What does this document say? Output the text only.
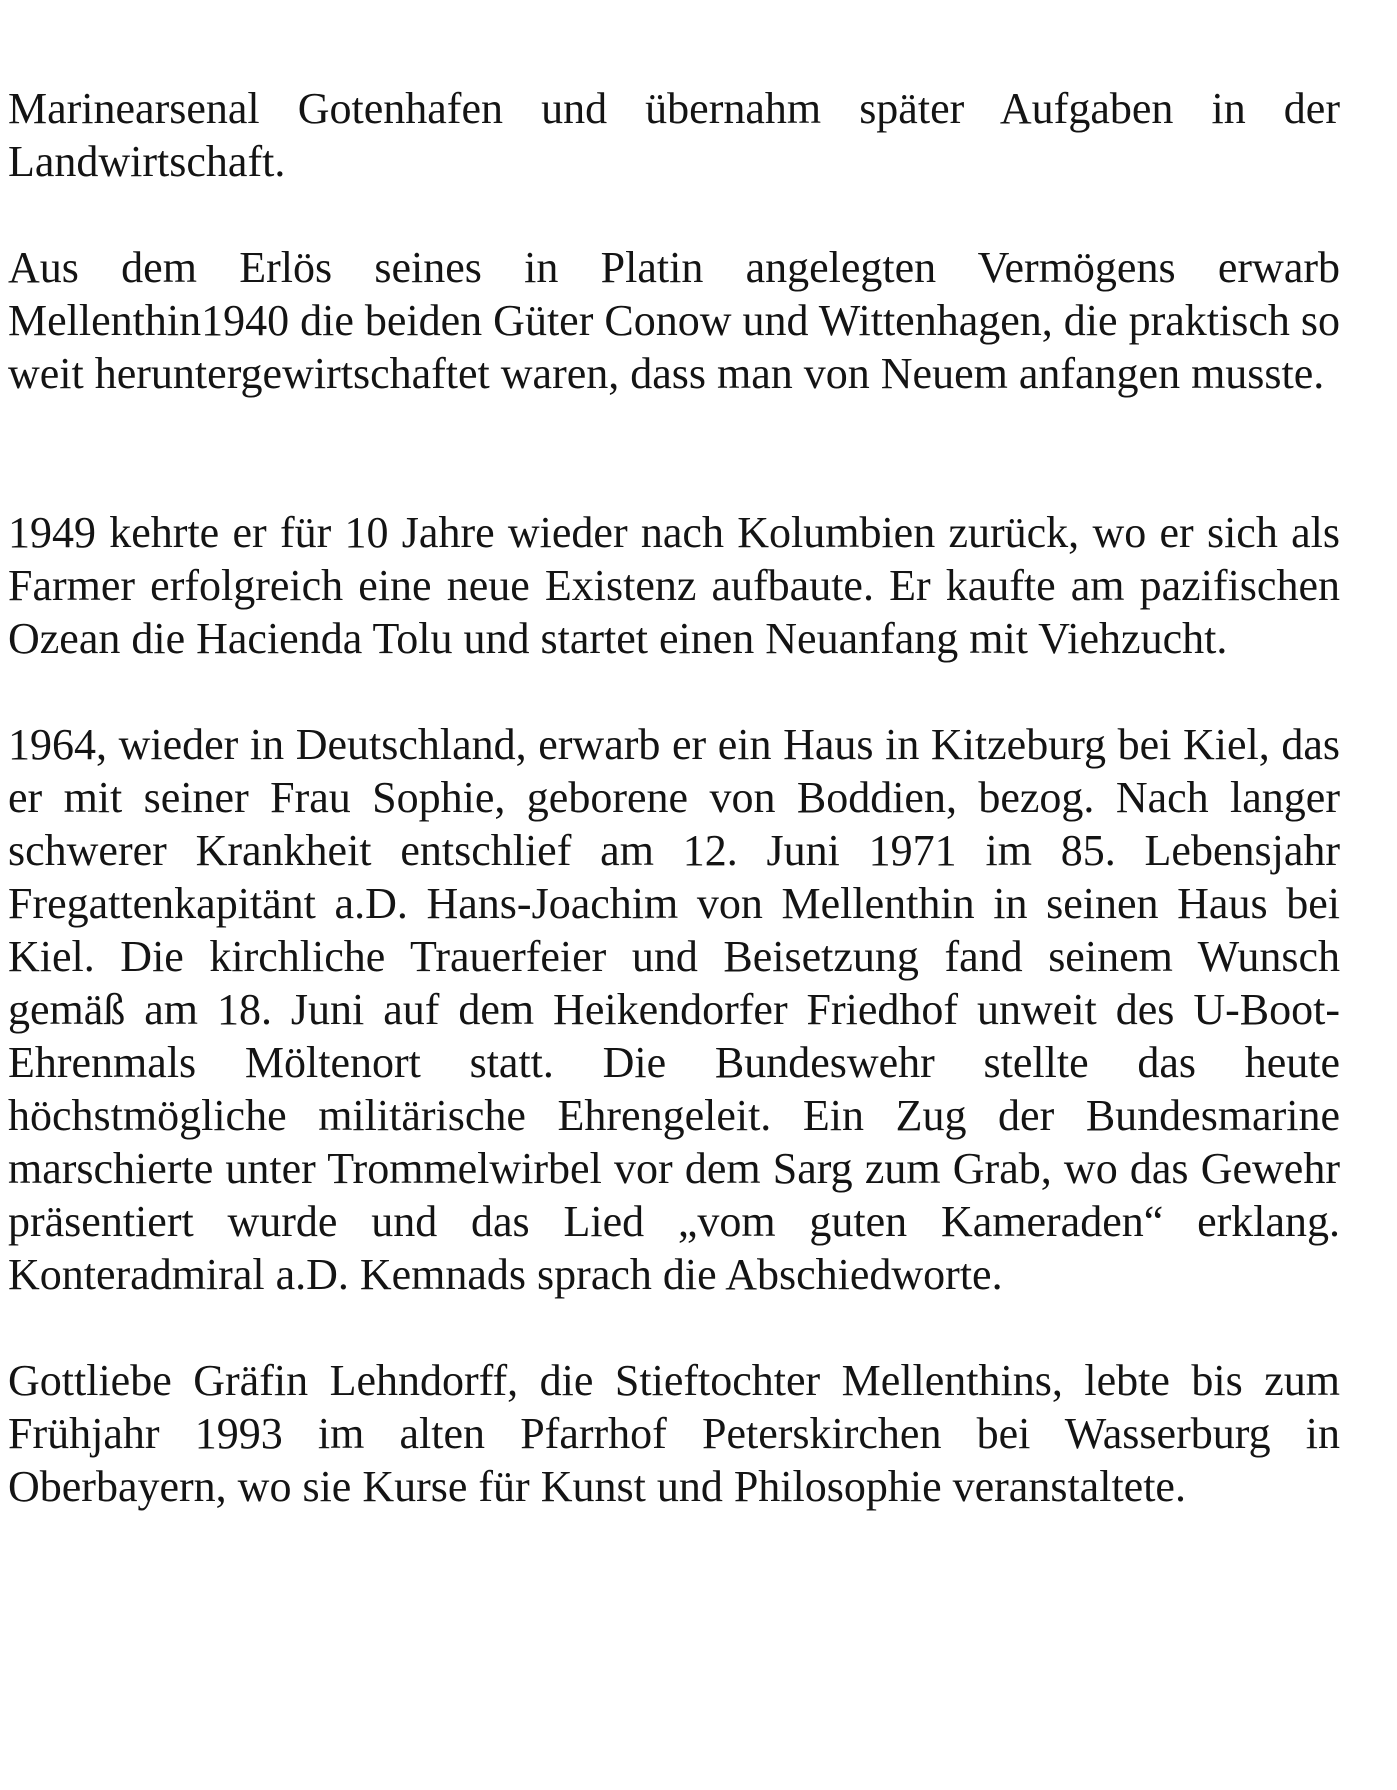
Marinearsenal Gotenhafen und übernahm später Aufgaben in der Landwirtschaft.

Aus dem Erlös seines in Platin angelegten Vermögens erwarb Mellenthin1940 die beiden Güter Conow und Wittenhagen, die praktisch so weit heruntergewirtschaftet waren, dass man von Neuem anfangen musste.

1949 kehrte er für 10 Jahre wieder nach Kolumbien zurück, wo er sich als Farmer erfolgreich eine neue Existenz aufbaute. Er kaufte am pazifischen Ozean die Hacienda Tolu und startet einen Neuanfang mit Viehzucht.

1964, wieder in Deutschland, erwarb er ein Haus in Kitzeburg bei Kiel, das er mit seiner Frau Sophie, geborene von Boddien, bezog. Nach langer schwerer Krankheit entschlief am 12. Juni 1971 im 85. Lebensjahr Fregattenkapitänt a.D. Hans-Joachim von Mellenthin in seinen Haus bei Kiel. Die kirchliche Trauerfeier und Beisetzung fand seinem Wunsch gemäß am 18. Juni auf dem Heikendorfer Friedhof unweit des U-Boot-Ehrenmals Möltenort statt. Die Bundeswehr stellte das heute höchstmögliche militärische Ehrengeleit. Ein Zug der Bundesmarine marschierte unter Trommelwirbel vor dem Sarg zum Grab, wo das Gewehr präsentiert wurde und das Lied „vom guten Kameraden“ erklang. Konteradmiral a.D. Kemnads sprach die Abschiedworte.

Gottliebe Gräfin Lehndorff, die Stieftochter Mellenthins, lebte bis zum Frühjahr 1993 im alten Pfarrhof Peterskirchen bei Wasserburg in Oberbayern, wo sie Kurse für Kunst und Philosophie veranstaltete.
